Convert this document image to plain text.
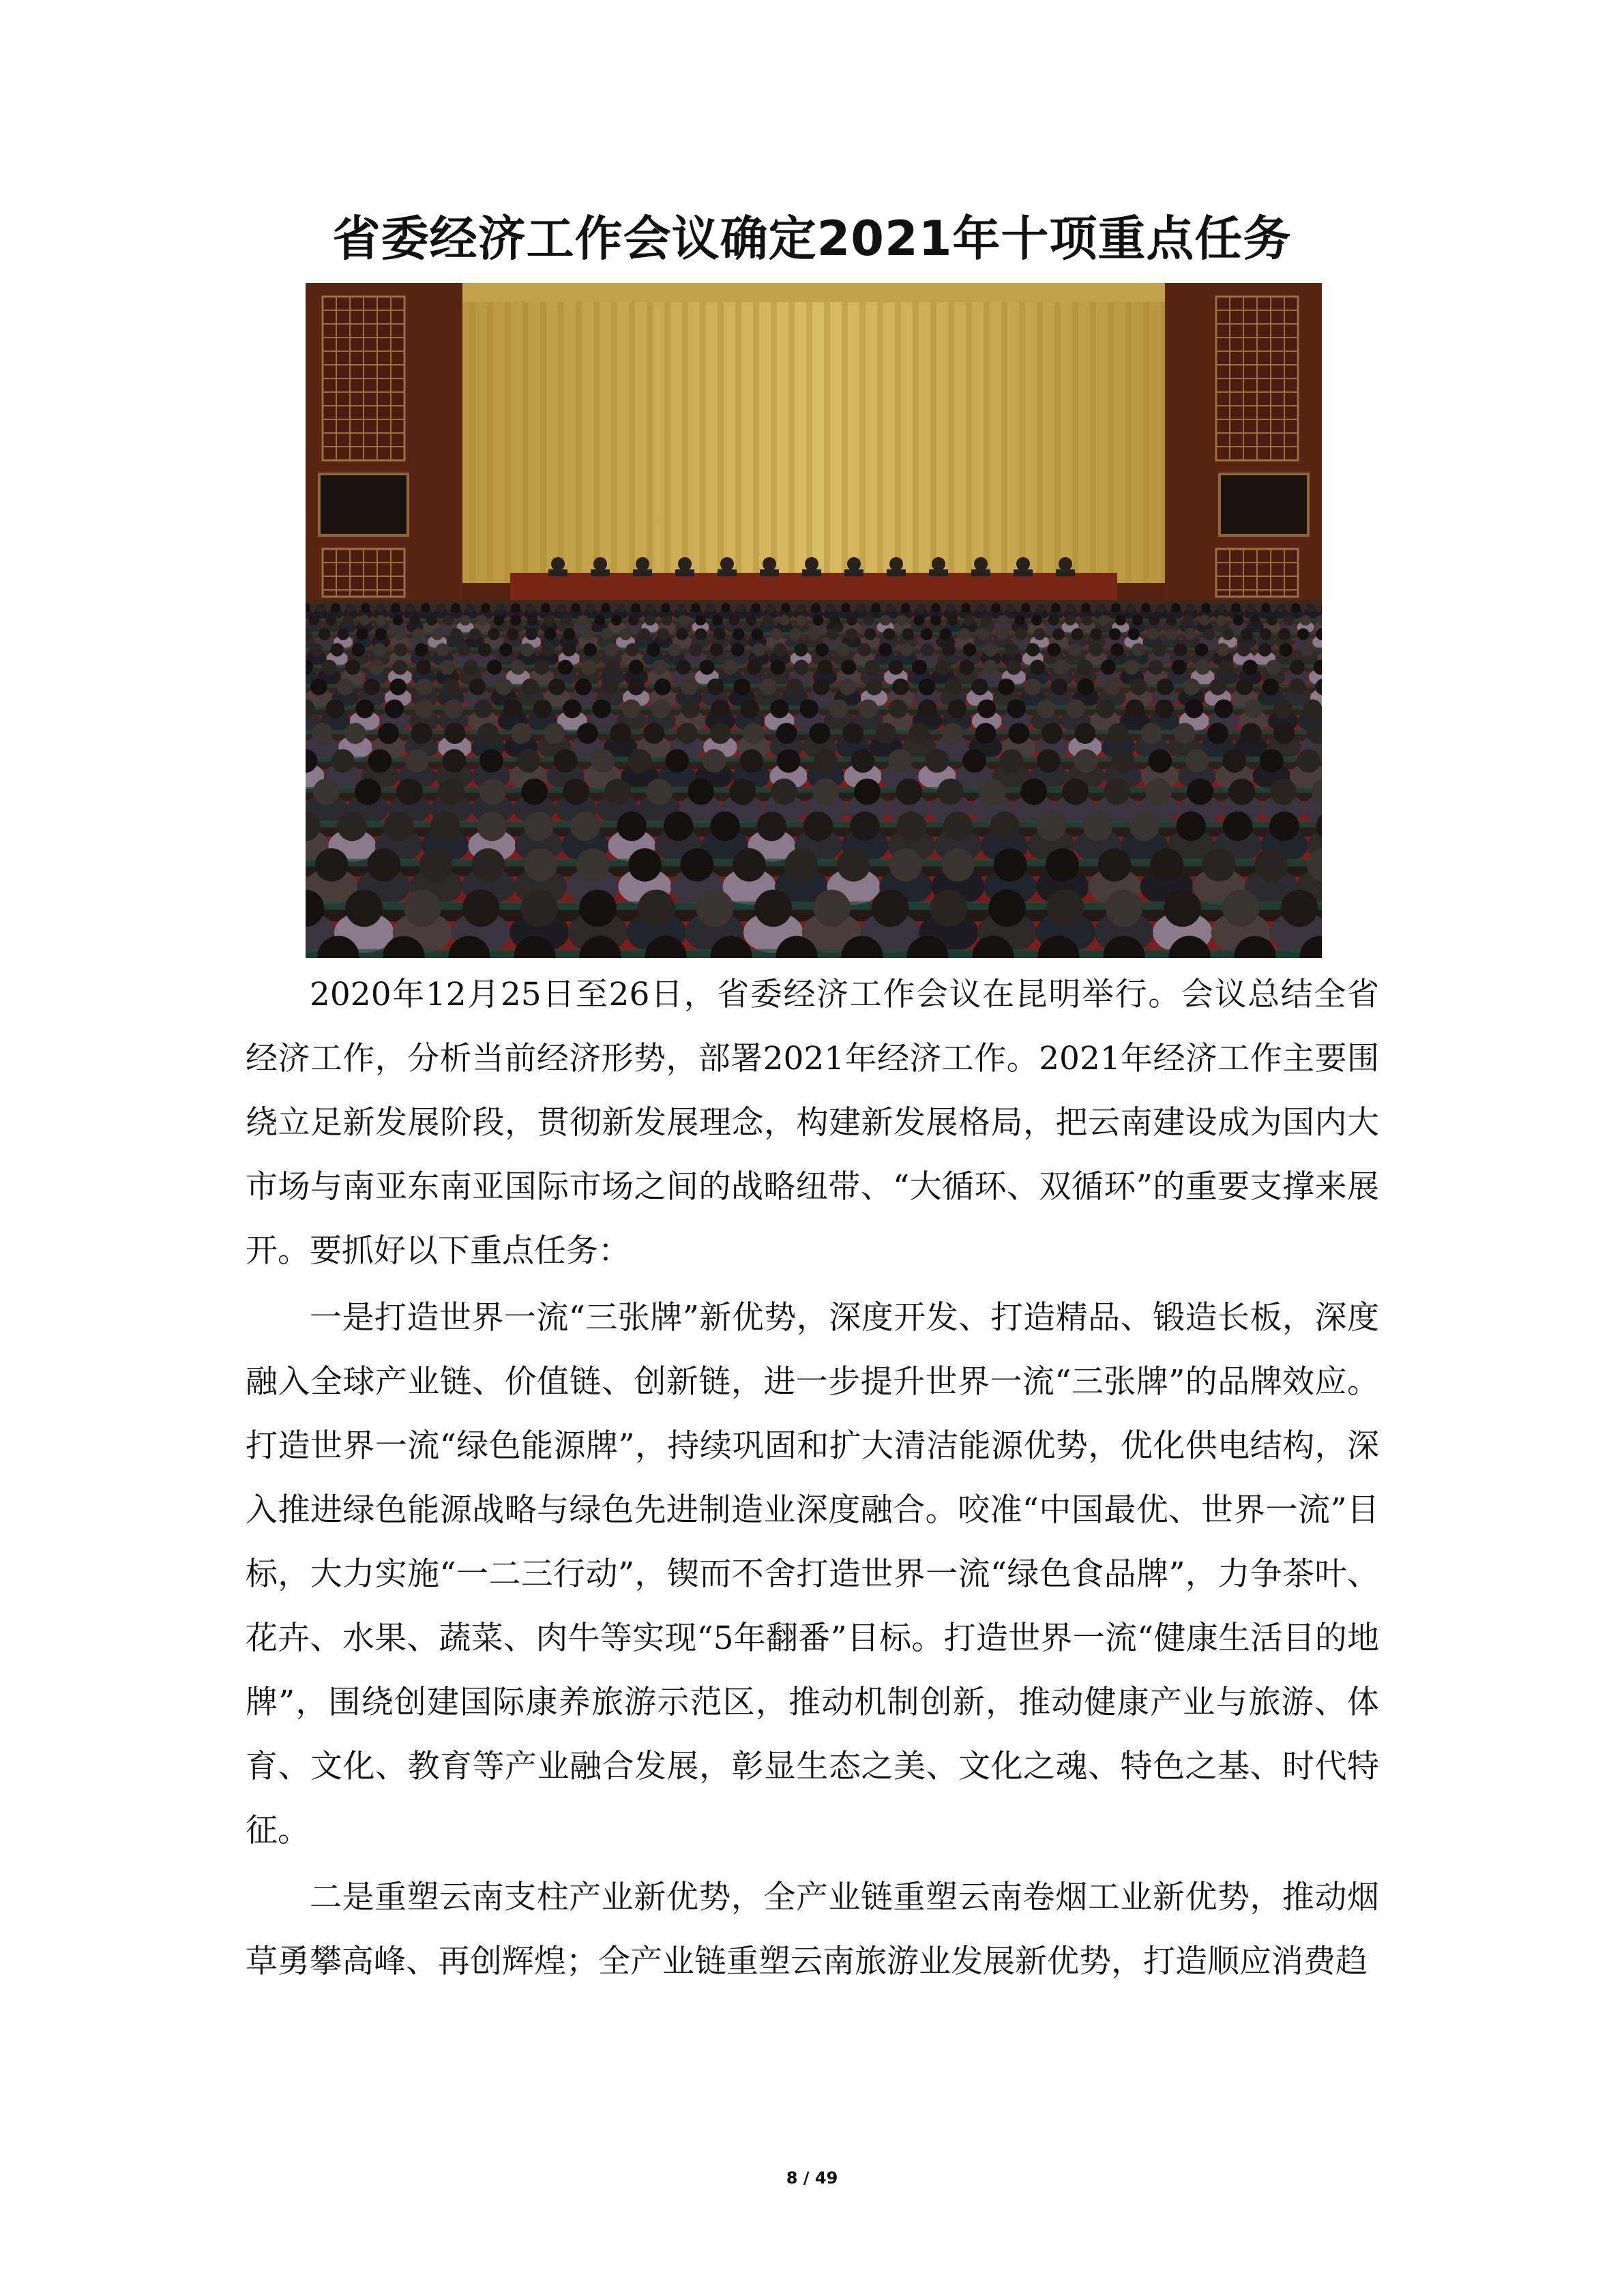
省委经济工作会议确定2021年十项重点任务

2020年12月25日至26日，省委经济工作会议在昆明举行。会议总结全省经济工作，分析当前经济形势，部署2021年经济工作。2021年经济工作主要围绕立足新发展阶段，贯彻新发展理念，构建新发展格局，把云南建设成为国内大市场与南亚东南亚国际市场之间的战略纽带、“大循环、双循环”的重要支撑来展开。要抓好以下重点任务：

一是打造世界一流“三张牌”新优势，深度开发、打造精品、锻造长板，深度融入全球产业链、价值链、创新链，进一步提升世界一流“三张牌”的品牌效应。打造世界一流“绿色能源牌”，持续巩固和扩大清洁能源优势，优化供电结构，深入推进绿色能源战略与绿色先进制造业深度融合。咬准“中国最优、世界一流”目标，大力实施“一二三行动”，锲而不舍打造世界一流“绿色食品牌”，力争茶叶、花卉、水果、蔬菜、肉牛等实现“5年翻番”目标。打造世界一流“健康生活目的地牌”，围绕创建国际康养旅游示范区，推动机制创新，推动健康产业与旅游、体育、文化、教育等产业融合发展，彰显生态之美、文化之魂、特色之基、时代特征。

二是重塑云南支柱产业新优势，全产业链重塑云南卷烟工业新优势，推动烟草勇攀高峰、再创辉煌；全产业链重塑云南旅游业发展新优势，打造顺应消费趋

8 / 49
